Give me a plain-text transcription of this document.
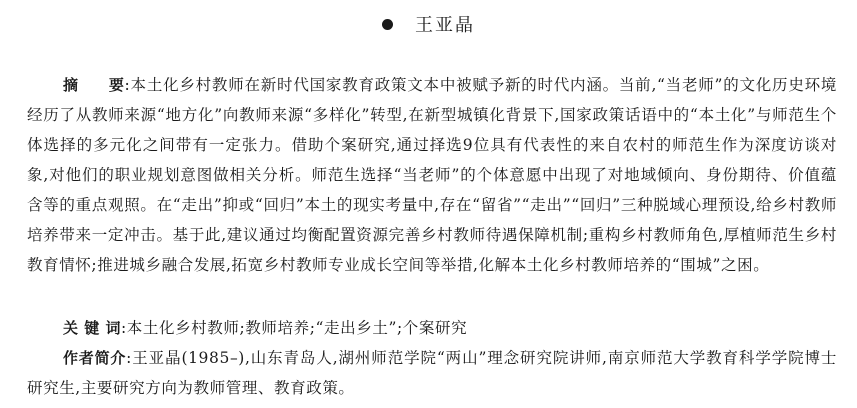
王亚晶

摘 要:本土化乡村教师在新时代国家教育政策文本中被赋予新的时代内涵。当前,“当老师”的文化历史环境经历了从教师来源“地方化”向教师来源“多样化”转型,在新型城镇化背景下,国家政策话语中的“本土化”与师范生个体选择的多元化之间带有一定张力。借助个案研究,通过择选9位具有代表性的来自农村的师范生作为深度访谈对象,对他们的职业规划意图做相关分析。师范生选择“当老师”的个体意愿中出现了对地域倾向、身份期待、价值蕴含等的重点观照。在“走出”抑或“回归”本土的现实考量中,存在“留省”“走出”“回归”三种脱域心理预设,给乡村教师培养带来一定冲击。基于此,建议通过均衡配置资源完善乡村教师待遇保障机制;重构乡村教师角色,厚植师范生乡村教育情怀;推进城乡融合发展,拓宽乡村教师专业成长空间等举措,化解本土化乡村教师培养的“围城”之困。

关 键 词:本土化乡村教师;教师培养;“走出乡土”;个案研究

作者简介:王亚晶(1985–),山东青岛人,湖州师范学院“两山”理念研究院讲师,南京师范大学教育科学学院博士研究生,主要研究方向为教师管理、教育政策。
